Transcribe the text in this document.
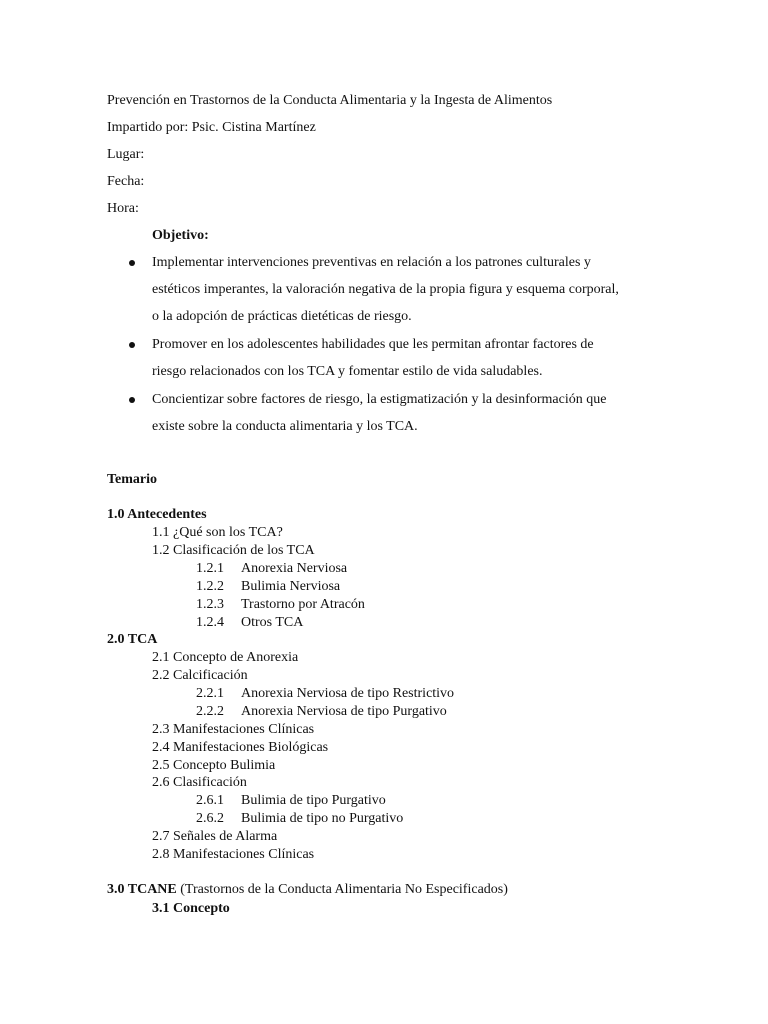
Prevención en Trastornos de la Conducta Alimentaria y la Ingesta de Alimentos
Impartido por: Psic. Cistina Martínez
Lugar:
Fecha:
Hora:
Objetivo:
Implementar intervenciones preventivas en relación a los patrones culturales y
estéticos imperantes, la valoración negativa de la propia figura y esquema corporal,
o la adopción de prácticas dietéticas de riesgo.
Promover en los adolescentes habilidades que les permitan afrontar factores de
riesgo relacionados con los TCA y fomentar estilo de vida saludables.
Concientizar sobre factores de riesgo, la estigmatización y la desinformación que
existe sobre la conducta alimentaria y los TCA.
Temario
1.0 Antecedentes
1.1 ¿Qué son los TCA?
1.2 Clasificación de los TCA
1.2.1 Anorexia Nerviosa
1.2.2 Bulimia Nerviosa
1.2.3 Trastorno por Atracón
1.2.4 Otros TCA
2.0 TCA
2.1 Concepto de Anorexia
2.2 Calcificación
2.2.1 Anorexia Nerviosa de tipo Restrictivo
2.2.2 Anorexia Nerviosa de tipo Purgativo
2.3 Manifestaciones Clínicas
2.4 Manifestaciones Biológicas
2.5 Concepto Bulimia
2.6 Clasificación
2.6.1 Bulimia de tipo Purgativo
2.6.2 Bulimia de tipo no Purgativo
2.7 Señales de Alarma
2.8 Manifestaciones Clínicas
3.0 TCANE (Trastornos de la Conducta Alimentaria No Especificados)
3.1 Concepto
